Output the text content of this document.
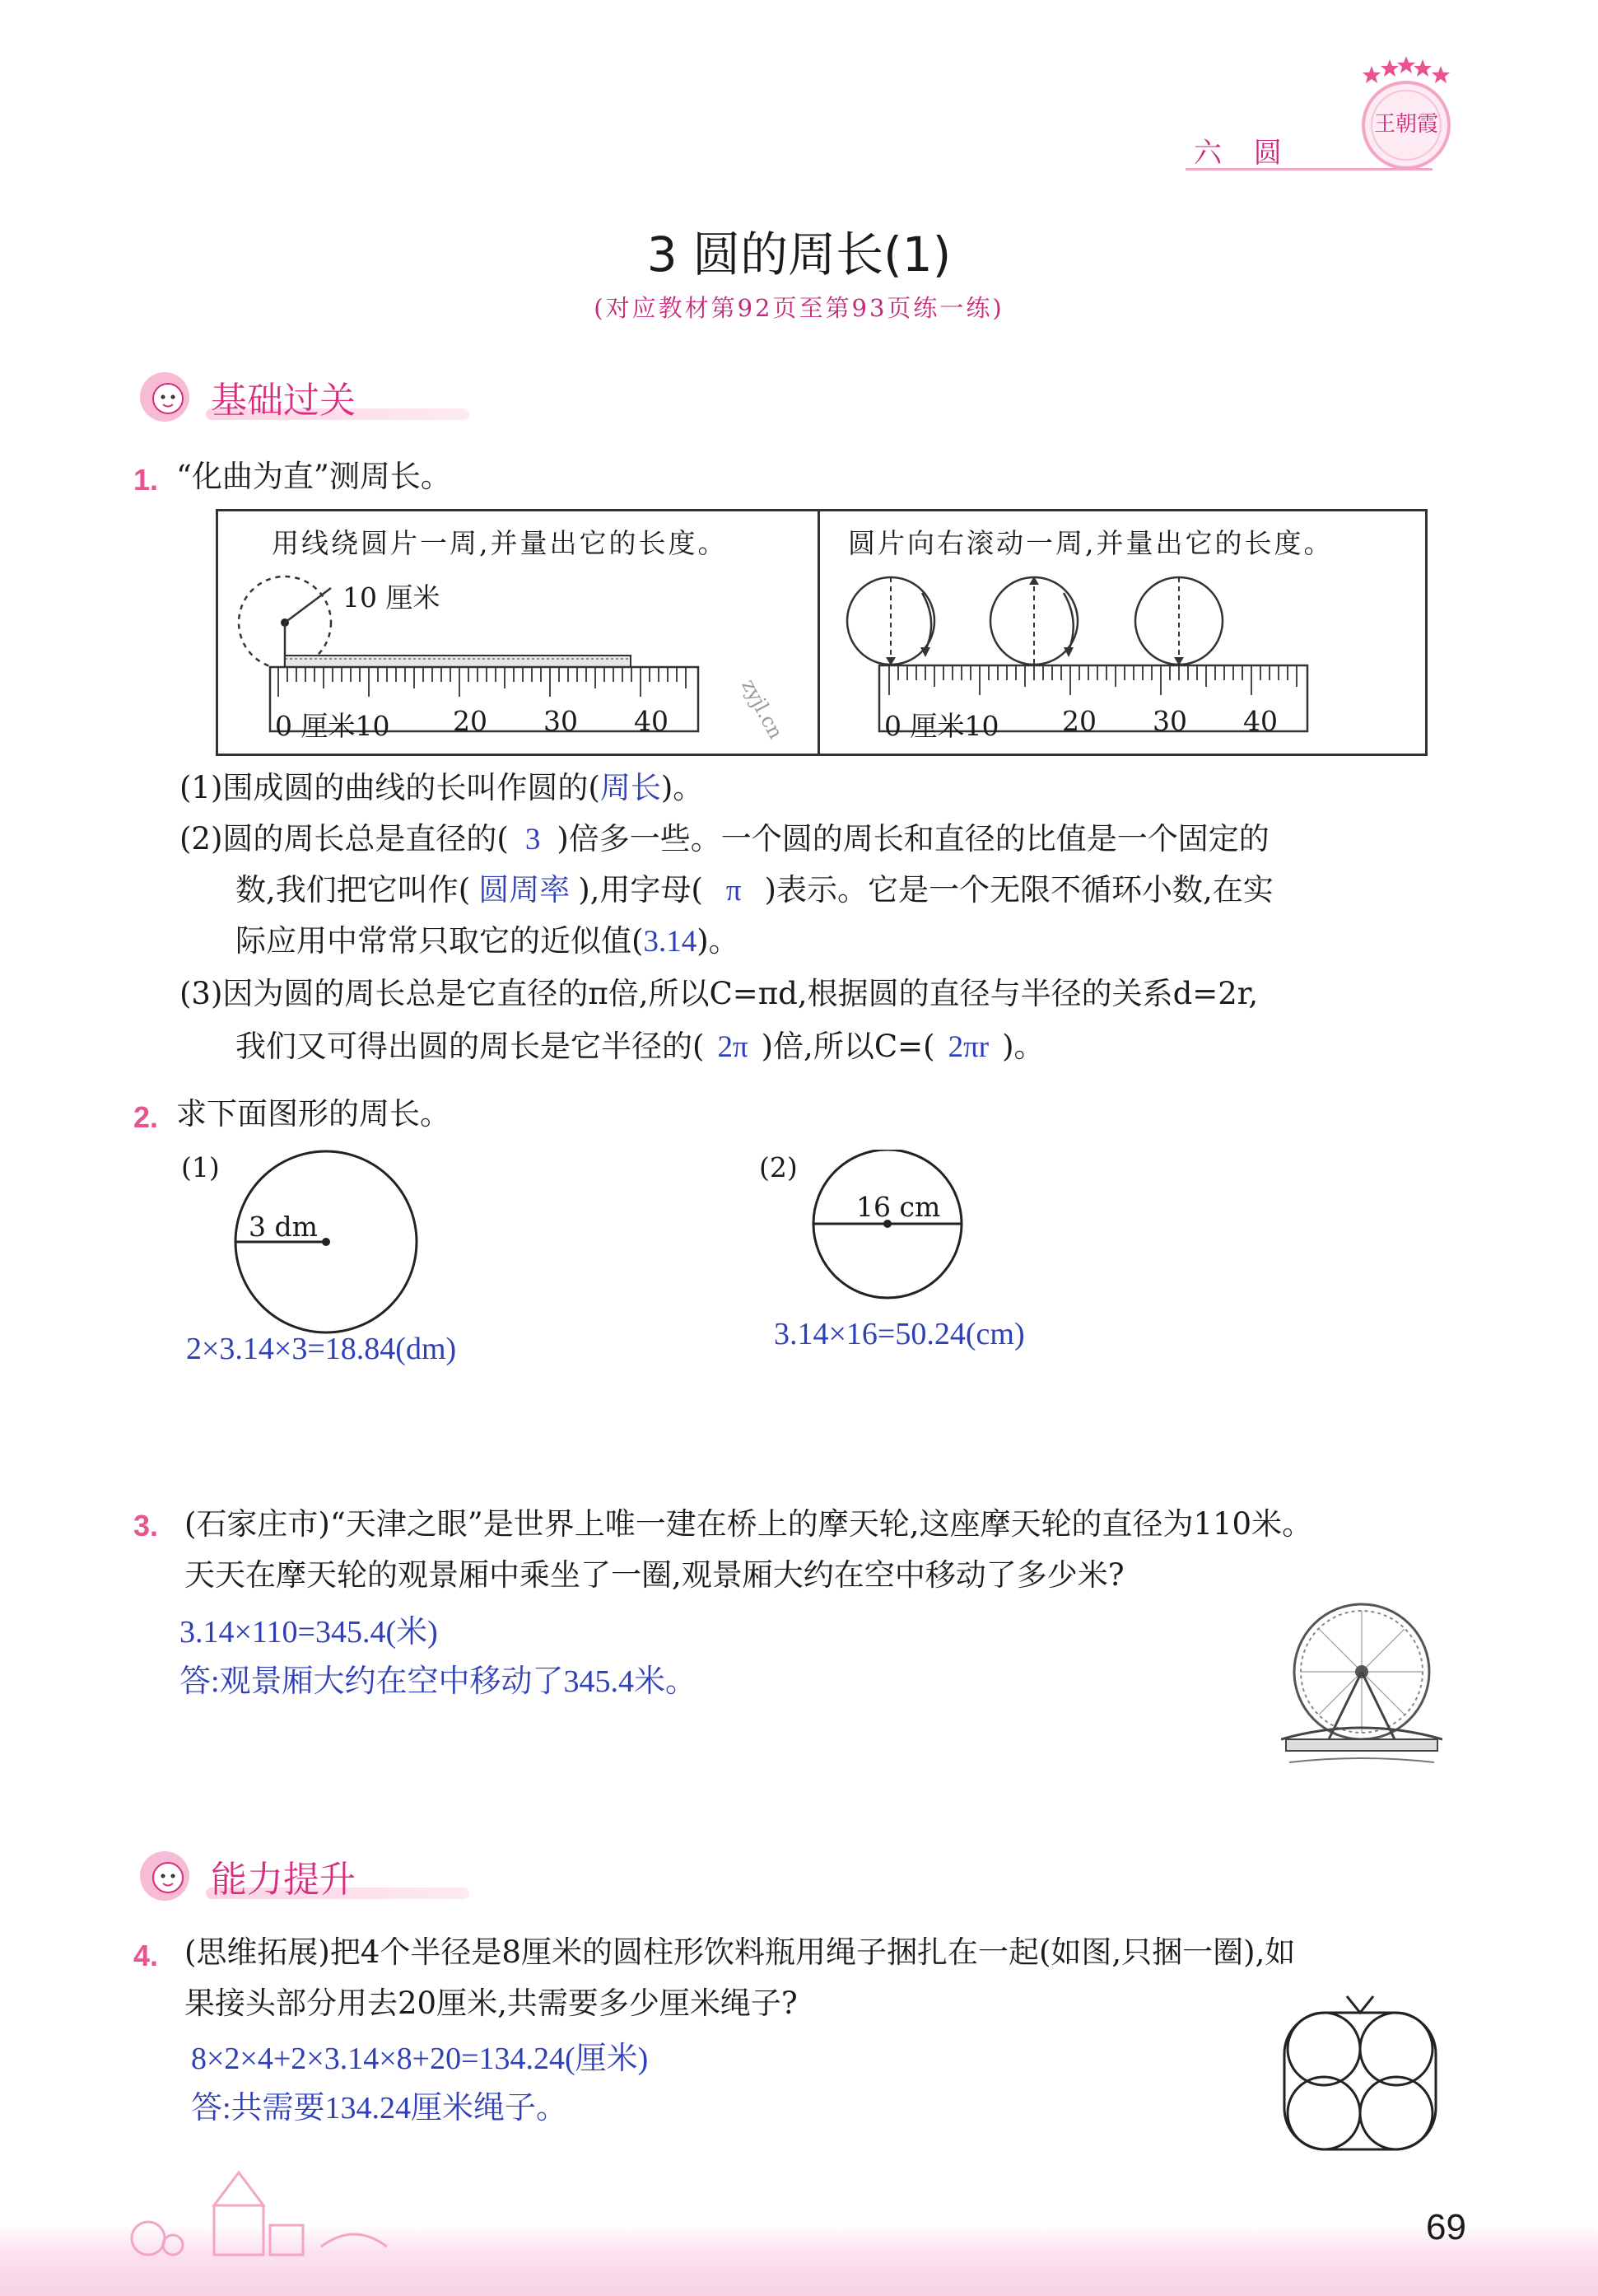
六 圆
王朝霞
3 圆的周长(1)
(对应教材第92页至第93页练一练)
基础过关
1. “化曲为直”测周长。
用线绕圆片一周,并量出它的长度。	圆片向右滚动一周,并量出它的长度。
10 厘米
0 厘米10 20 30 40	0 厘米10 20 30 40
zyjl.cn
(1)围成圆的曲线的长叫作圆的(周长)。
(2)圆的周长总是直径的( 3 )倍多一些。一个圆的周长和直径的比值是一个固定的
数,我们把它叫作( 圆周率 ),用字母( π )表示。它是一个无限不循环小数,在实
际应用中常常只取它的近似值(3.14)。
(3)因为圆的周长总是它直径的π倍,所以C=πd,根据圆的直径与半径的关系d=2r,
我们又可得出圆的周长是它半径的( 2π )倍,所以C=( 2πr )。
2. 求下面图形的周长。
(1)
3 dm
2×3.14×3=18.84(dm)
(2)
16 cm
3.14×16=50.24(cm)
3. (石家庄市)“天津之眼”是世界上唯一建在桥上的摩天轮,这座摩天轮的直径为110米。
天天在摩天轮的观景厢中乘坐了一圈,观景厢大约在空中移动了多少米?
3.14×110=345.4(米)
答:观景厢大约在空中移动了345.4米。
能力提升
4. (思维拓展)把4个半径是8厘米的圆柱形饮料瓶用绳子捆扎在一起(如图,只捆一圈),如
果接头部分用去20厘米,共需要多少厘米绳子?
8×2×4+2×3.14×8+20=134.24(厘米)
答:共需要134.24厘米绳子。
69
